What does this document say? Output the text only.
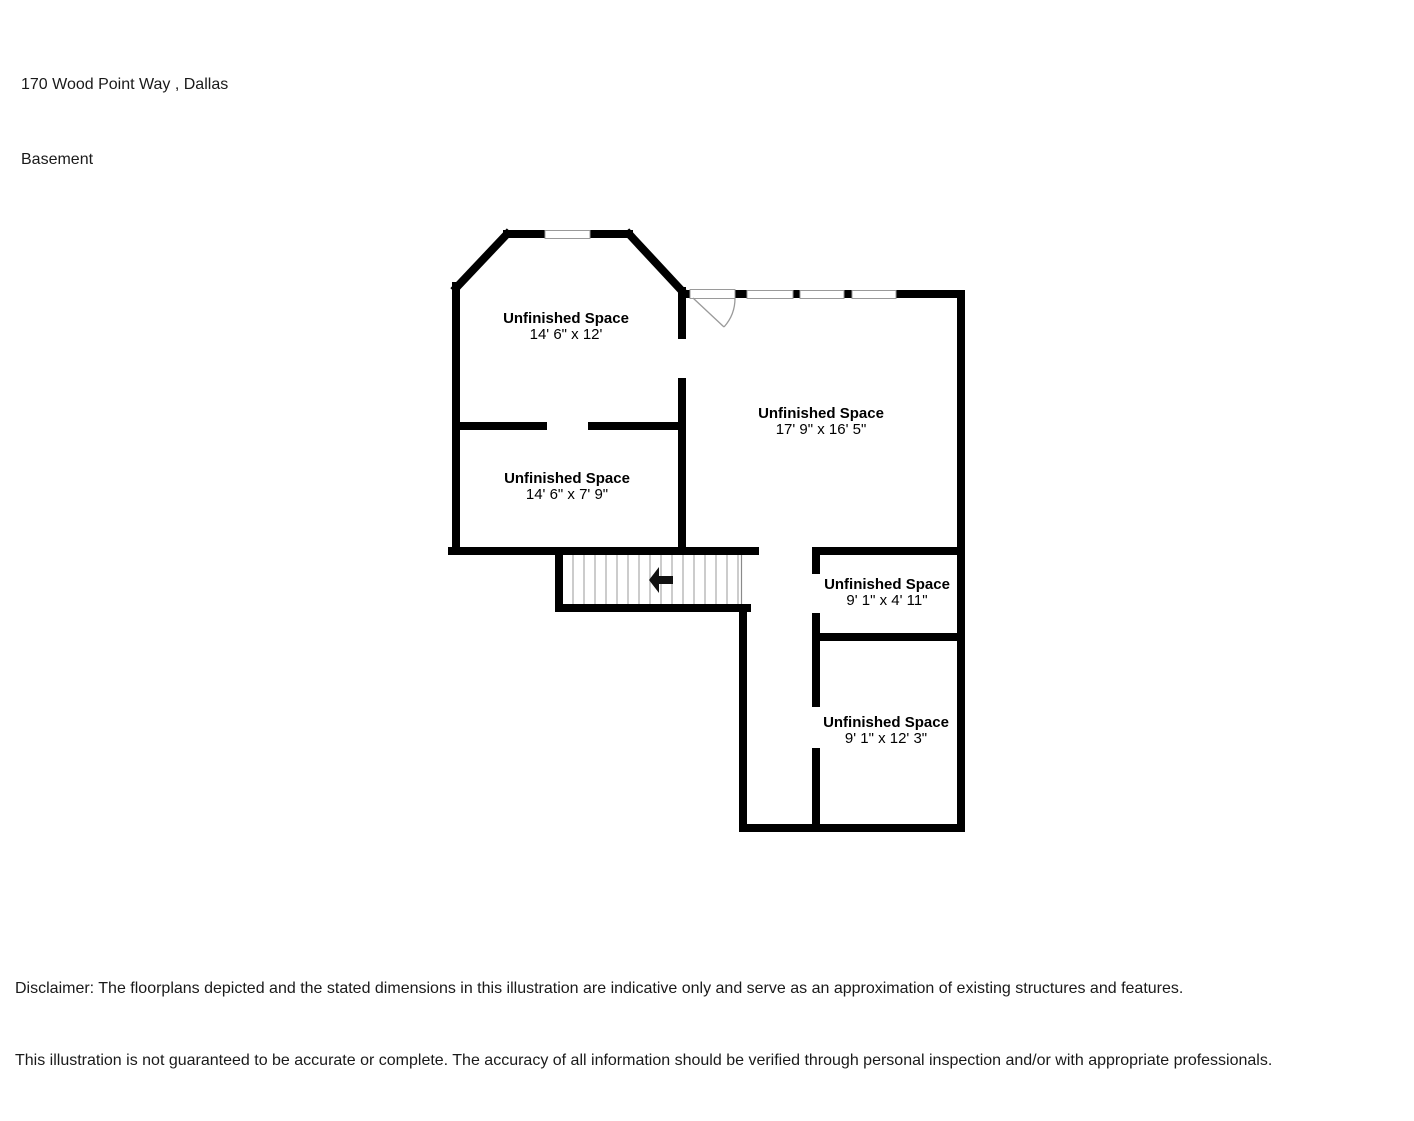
170 Wood Point Way , Dallas

Basement

Unfinished Space
14' 6" x 12'
Unfinished Space
17' 9" x 16' 5"
Unfinished Space
14' 6" x 7' 9"
Unfinished Space
9' 1" x 4' 11"
Unfinished Space
9' 1" x 12' 3"

Disclaimer: The floorplans depicted and the stated dimensions in this illustration are indicative only and serve as an approximation of existing structures and features.

This illustration is not guaranteed to be accurate or complete. The accuracy of all information should be verified through personal inspection and/or with appropriate professionals.
